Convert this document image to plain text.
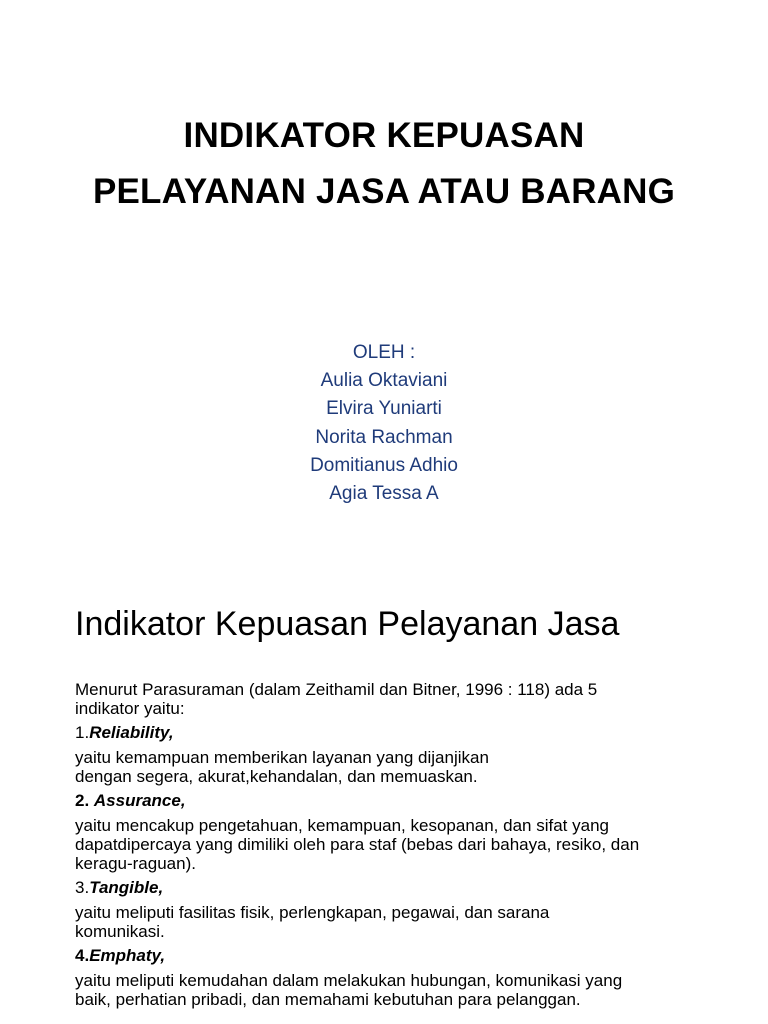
INDIKATOR KEPUASAN
PELAYANAN JASA ATAU BARANG
OLEH :
Aulia Oktaviani
Elvira Yuniarti
Norita Rachman
Domitianus Adhio
Agia Tessa A
Indikator Kepuasan Pelayanan Jasa

Menurut Parasuraman (dalam Zeithamil dan Bitner, 1996 : 118) ada 5
indikator yaitu:

1.Reliability,

yaitu kemampuan memberikan layanan yang dijanjikan
dengan segera, akurat,kehandalan, dan memuaskan.

2. Assurance,

yaitu mencakup pengetahuan, kemampuan, kesopanan, dan sifat yang
dapatdipercaya yang dimiliki oleh para staf (bebas dari bahaya, resiko, dan
keragu-raguan).

3.Tangible,

yaitu meliputi fasilitas fisik, perlengkapan, pegawai, dan sarana
komunikasi.

4.Emphaty,

yaitu meliputi kemudahan dalam melakukan hubungan, komunikasi yang
baik, perhatian pribadi, dan memahami kebutuhan para pelanggan.
